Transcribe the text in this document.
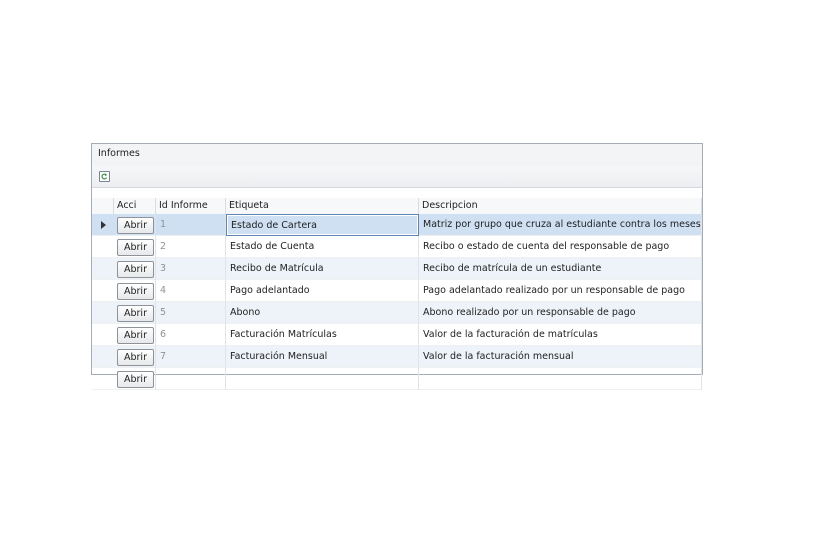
Informes
Acci	Id Informe	Etiqueta	Descripcion
Abrir	1	Estado de Cartera	Matriz por grupo que cruza al estudiante contra los meses
Abrir	2	Estado de Cuenta	Recibo o estado de cuenta del responsable de pago
Abrir	3	Recibo de Matrícula	Recibo de matrícula de un estudiante
Abrir	4	Pago adelantado	Pago adelantado realizado por un responsable de pago
Abrir	5	Abono	Abono realizado por un responsable de pago
Abrir	6	Facturación Matrículas	Valor de la facturación de matrículas
Abrir	7	Facturación Mensual	Valor de la facturación mensual
Abrir
